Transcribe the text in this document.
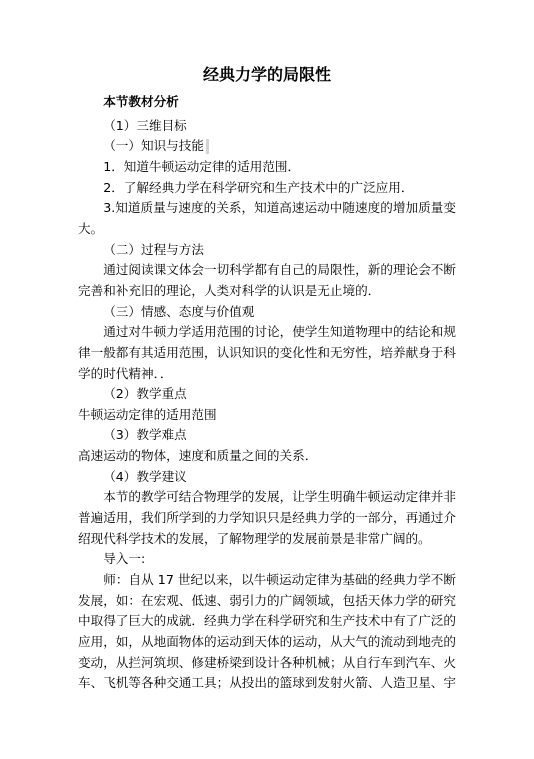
经典力学的局限性
本节教材分析
（1）三维目标
（一）知识与技能
1．知道牛顿运动定律的适用范围．
2．了解经典力学在科学研究和生产技术中的广泛应用．
3.知道质量与速度的关系，知道高速运动中随速度的增加质量变
大。
（二）过程与方法
通过阅读课文体会一切科学都有自己的局限性，新的理论会不断
完善和补充旧的理论，人类对科学的认识是无止境的．
（三）情感、态度与价值观
通过对牛顿力学适用范围的讨论，使学生知道物理中的结论和规
律一般都有其适用范围，认识知识的变化性和无穷性，培养献身于科
学的时代精神．．
（2）教学重点
牛顿运动定律的适用范围
（3）教学难点
高速运动的物体，速度和质量之间的关系．
（4）教学建议
本节的教学可结合物理学的发展，让学生明确牛顿运动定律并非
普遍适用，我们所学到的力学知识只是经典力学的一部分，再通过介
绍现代科学技术的发展，了解物理学的发展前景是非常广阔的。
导入一:
师：自从 17 世纪以来，以牛顿运动定律为基础的经典力学不断
发展，如：在宏观、低速、弱引力的广阔领域，包括天体力学的研究
中取得了巨大的成就．经典力学在科学研究和生产技术中有了广泛的
应用，如，从地面物体的运动到天体的运动，从大气的流动到地壳的
变动，从拦河筑坝、修建桥梁到设计各种机械；从自行车到汽车、火
车、飞机等各种交通工具；从投出的篮球到发射火箭、人造卫星、宇
